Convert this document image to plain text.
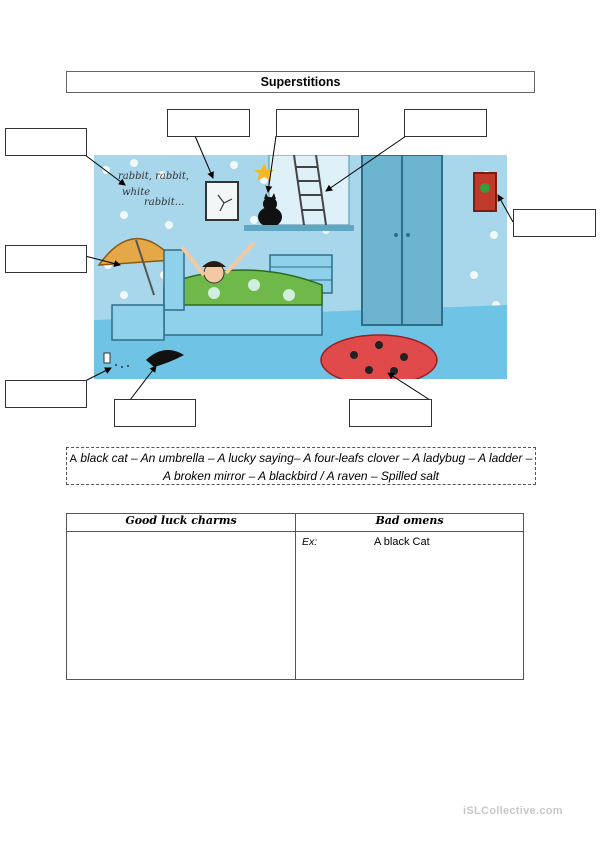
Superstitions
rabbit, rabbit,
white
rabbit...
A black cat – An umbrella – A lucky saying– A four-leafs clover – A ladybug – A ladder – A broken mirror – A blackbird / A raven – Spilled salt
Good luck charms	Bad omens

	Ex: A black Cat
iSLCollective.com
